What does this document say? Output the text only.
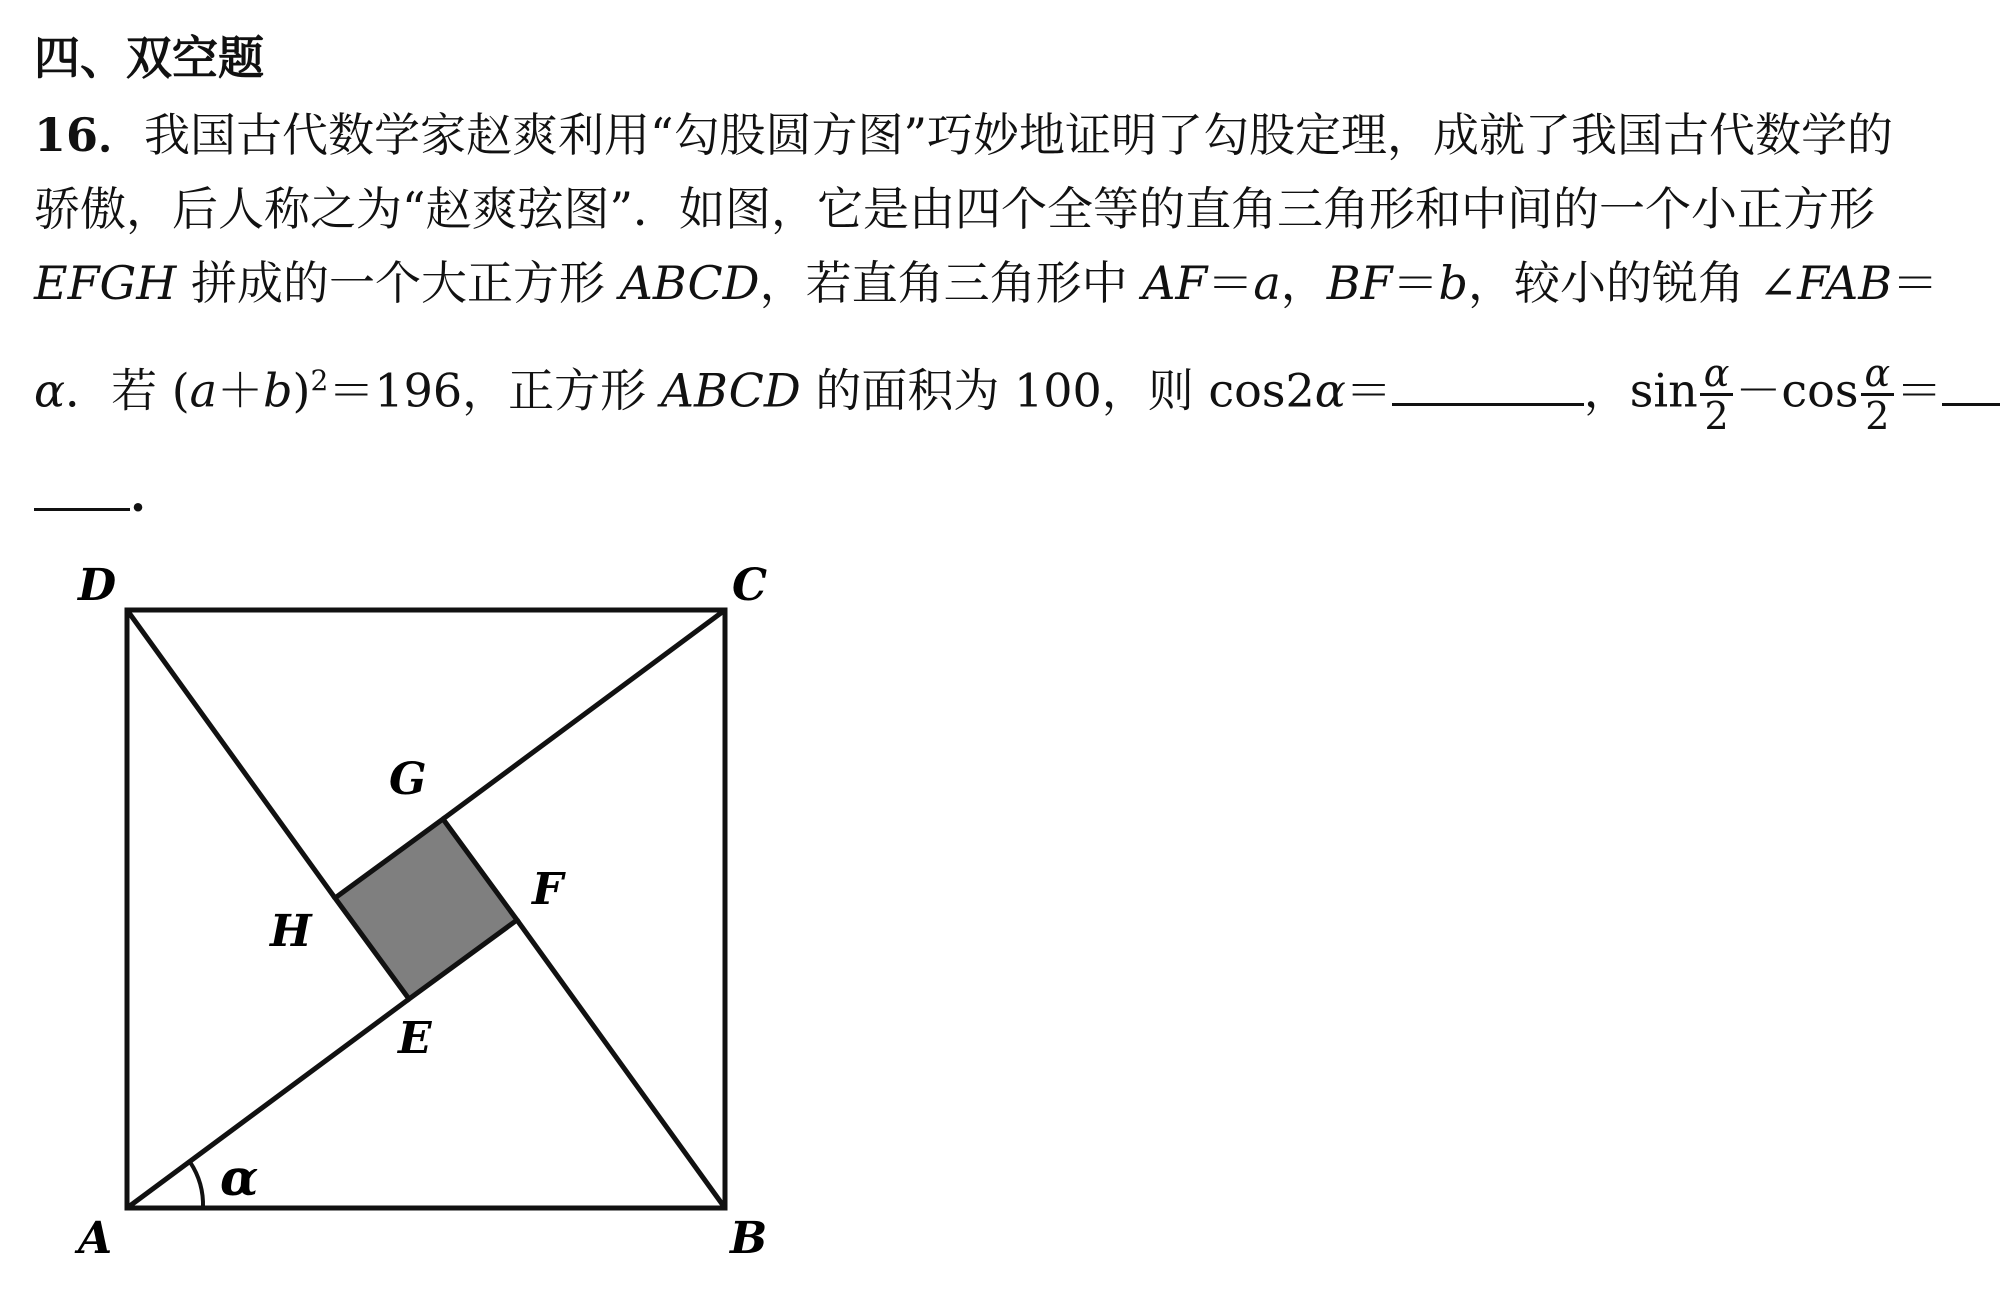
四、双空题
16．我国古代数学家赵爽利用“勾股圆方图”巧妙地证明了勾股定理，成就了我国古代数学的
骄傲，后人称之为“赵爽弦图”．如图，它是由四个全等的直角三角形和中间的一个小正方形
EFGH 拼成的一个大正方形 ABCD，若直角三角形中 AF＝a，BF＝b，较小的锐角 ∠FAB＝
α．若 $(a+b)^2=196$，正方形 ABCD 的面积为 100，则 cos2α＝	，$\sin \frac{\alpha}{2} -\cos \frac{\alpha}{2}$ ＝
.
D	C
A	B
G
F
H
E
α
